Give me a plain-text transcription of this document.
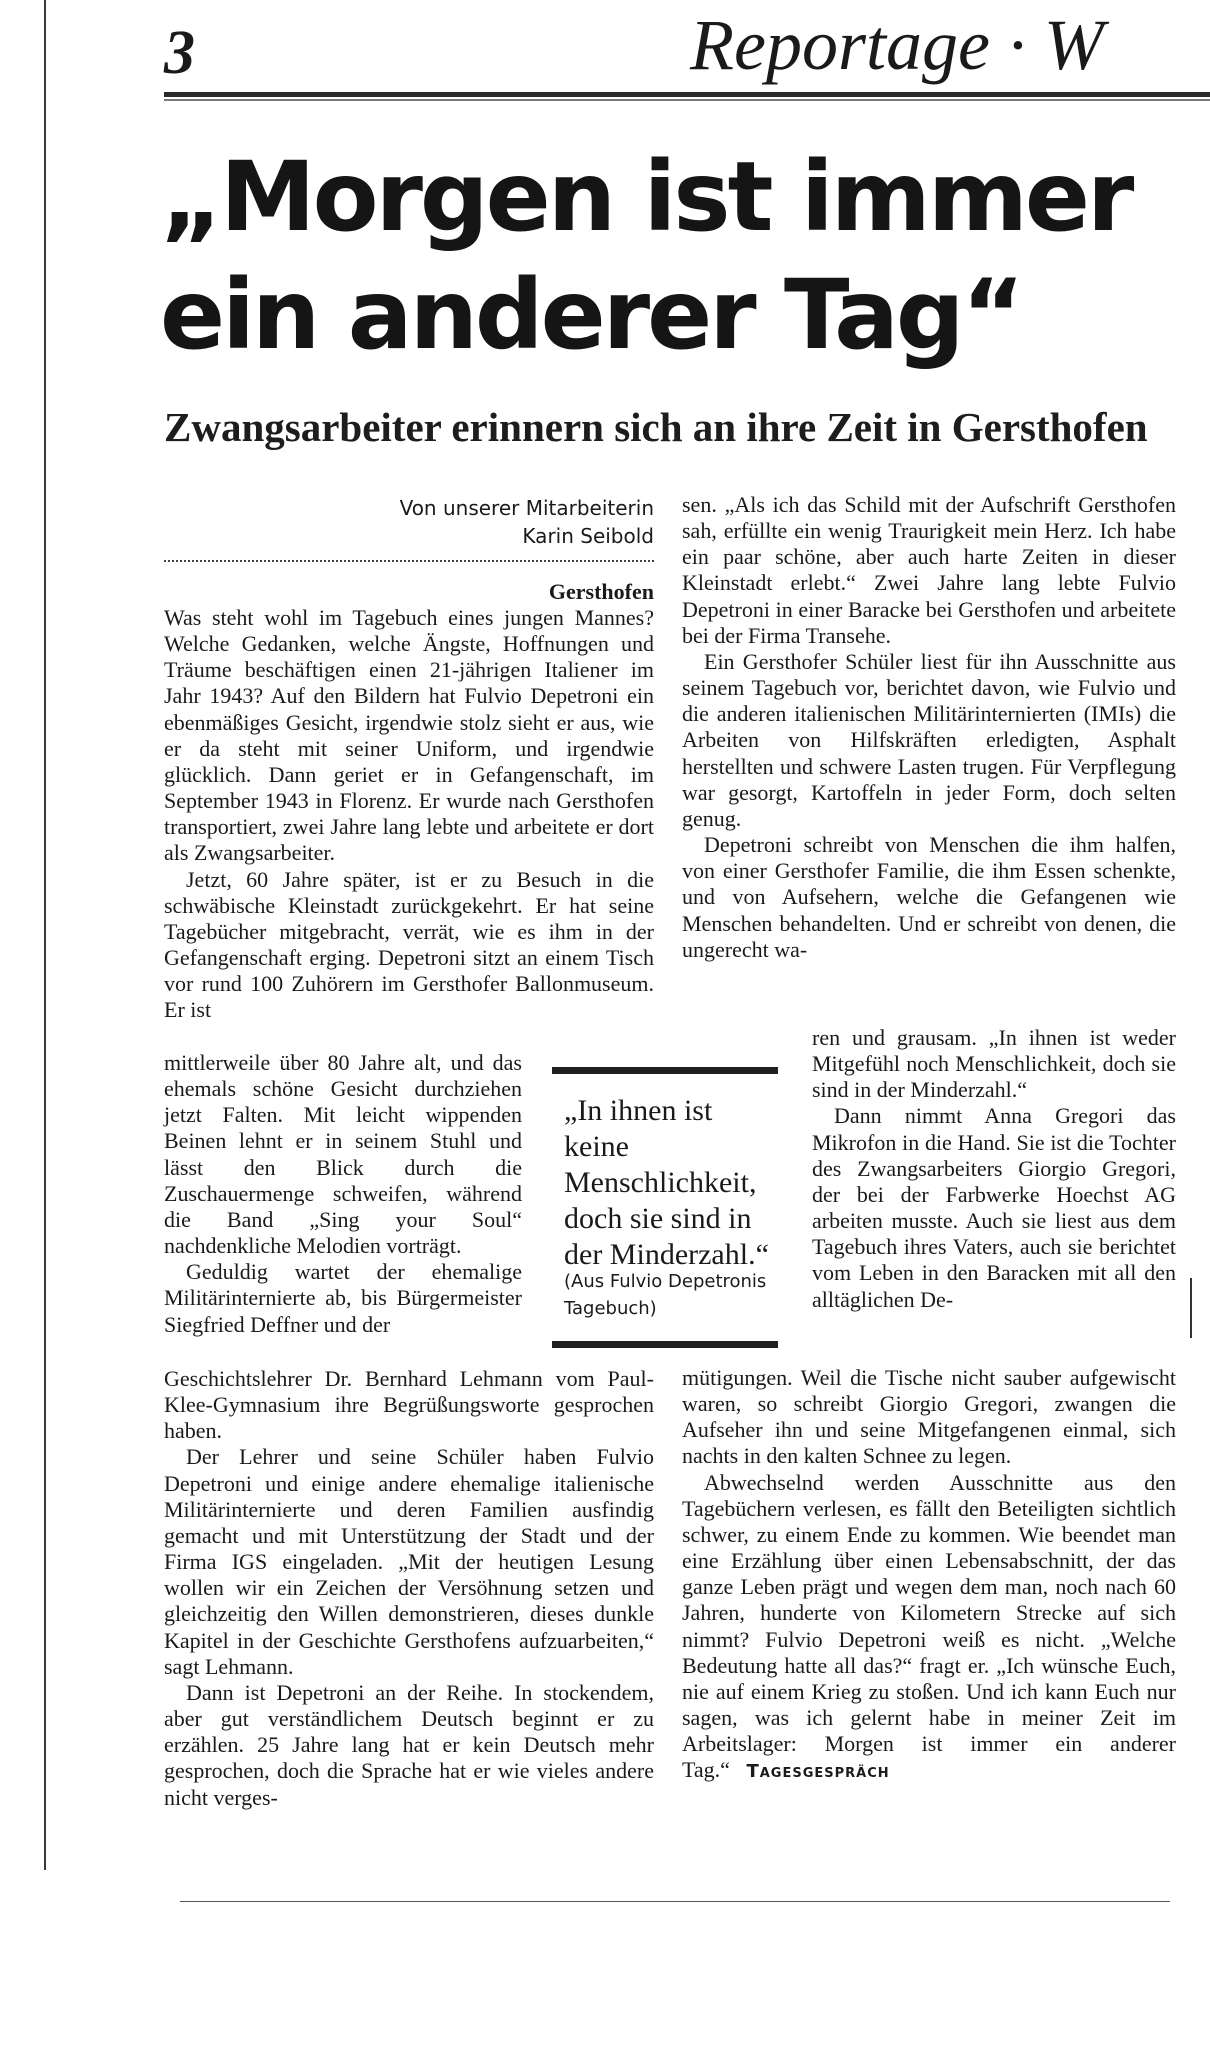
3	Reportage · W
„Morgen ist immer ein anderer Tag“
Zwangsarbeiter erinnern sich an ihre Zeit in Gersthofen
Von unserer Mitarbeiterin
Karin Seibold
Gersthofen

Was steht wohl im Tagebuch eines jungen Mannes? Welche Gedanken, welche Ängste, Hoffnungen und Träume beschäftigen einen 21-jährigen Italiener im Jahr 1943? Auf den Bildern hat Fulvio Depetroni ein ebenmäßiges Gesicht, irgendwie stolz sieht er aus, wie er da steht mit seiner Uniform, und irgendwie glücklich. Dann geriet er in Gefangenschaft, im September 1943 in Florenz. Er wurde nach Gersthofen transportiert, zwei Jahre lang lebte und arbeitete er dort als Zwangsarbeiter.

Jetzt, 60 Jahre später, ist er zu Besuch in die schwäbische Kleinstadt zurückgekehrt. Er hat seine Tagebücher mitgebracht, verrät, wie es ihm in der Gefangenschaft erging. Depetroni sitzt an einem Tisch vor rund 100 Zuhörern im Gersthofer Ballonmuseum. Er ist

mittlerweile über 80 Jahre alt, und das ehemals schöne Gesicht durchziehen jetzt Falten. Mit leicht wippenden Beinen lehnt er in seinem Stuhl und lässt den Blick durch die Zuschauermenge schweifen, während die Band „Sing your Soul“ nachdenkliche Melodien vorträgt.

Geduldig wartet der ehemalige Militärinternierte ab, bis Bürgermeister Siegfried Deffner und der

Geschichtslehrer Dr. Bernhard Lehmann vom Paul-Klee-Gymnasium ihre Begrüßungsworte gesprochen haben.

Der Lehrer und seine Schüler haben Fulvio Depetroni und einige andere ehemalige italienische Militärinternierte und deren Familien ausfindig gemacht und mit Unterstützung der Stadt und der Firma IGS eingeladen. „Mit der heutigen Lesung wollen wir ein Zeichen der Versöhnung setzen und gleichzeitig den Willen demonstrieren, dieses dunkle Kapitel in der Geschichte Gersthofens aufzuarbeiten,“ sagt Lehmann.

Dann ist Depetroni an der Reihe. In stockendem, aber gut verständlichem Deutsch beginnt er zu erzählen. 25 Jahre lang hat er kein Deutsch mehr gesprochen, doch die Sprache hat er wie vieles andere nicht verges-

„In ihnen ist keine Menschlichkeit, doch sie sind in der Minderzahl.“
(Aus Fulvio Depetronis Tagebuch)

sen. „Als ich das Schild mit der Aufschrift Gersthofen sah, erfüllte ein wenig Traurigkeit mein Herz. Ich habe ein paar schöne, aber auch harte Zeiten in dieser Kleinstadt erlebt.“ Zwei Jahre lang lebte Fulvio Depetroni in einer Baracke bei Gersthofen und arbeitete bei der Firma Transehe.

Ein Gersthofer Schüler liest für ihn Ausschnitte aus seinem Tagebuch vor, berichtet davon, wie Fulvio und die anderen italienischen Militärinternierten (IMIs) die Arbeiten von Hilfskräften erledigten, Asphalt herstellten und schwere Lasten trugen. Für Verpflegung war gesorgt, Kartoffeln in jeder Form, doch selten genug.

Depetroni schreibt von Menschen die ihm halfen, von einer Gersthofer Familie, die ihm Essen schenkte, und von Aufsehern, welche die Gefangenen wie Menschen behandelten. Und er schreibt von denen, die ungerecht wa-

ren und grausam. „In ihnen ist weder Mitgefühl noch Menschlichkeit, doch sie sind in der Minderzahl.“

Dann nimmt Anna Gregori das Mikrofon in die Hand. Sie ist die Tochter des Zwangsarbeiters Giorgio Gregori, der bei der Farbwerke Hoechst AG arbeiten musste. Auch sie liest aus dem Tagebuch ihres Vaters, auch sie berichtet vom Leben in den Baracken mit all den alltäglichen De-

mütigungen. Weil die Tische nicht sauber aufgewischt waren, so schreibt Giorgio Gregori, zwangen die Aufseher ihn und seine Mitgefangenen einmal, sich nachts in den kalten Schnee zu legen.

Abwechselnd werden Ausschnitte aus den Tagebüchern verlesen, es fällt den Beteiligten sichtlich schwer, zu einem Ende zu kommen. Wie beendet man eine Erzählung über einen Lebensabschnitt, der das ganze Leben prägt und wegen dem man, noch nach 60 Jahren, hunderte von Kilometern Strecke auf sich nimmt? Fulvio Depetroni weiß es nicht. „Welche Bedeutung hatte all das?“ fragt er. „Ich wünsche Euch, nie auf einem Krieg zu stoßen. Und ich kann Euch nur sagen, was ich gelernt habe in meiner Zeit im Arbeitslager: Morgen ist immer ein anderer Tag.“ Tagesgespräch
